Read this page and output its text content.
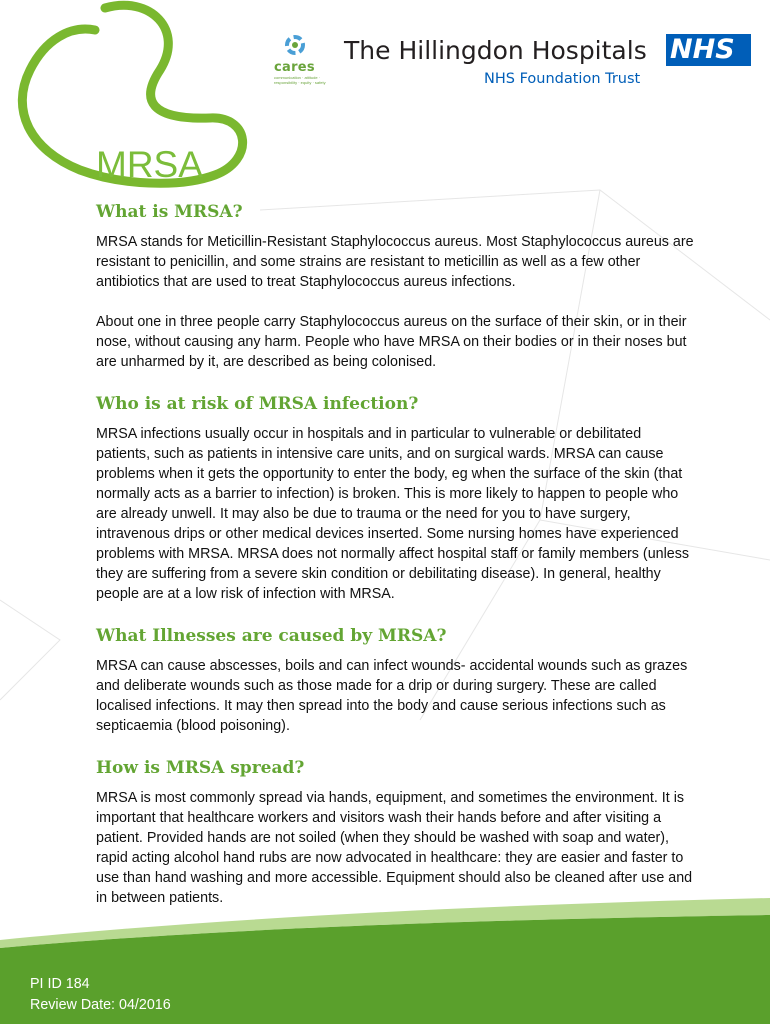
cares
communication · attitude · responsibility · equity · safety
The Hillingdon Hospitals
NHS Foundation Trust
NHS
MRSA
What is MRSA?

MRSA stands for Meticillin-Resistant Staphylococcus aureus. Most Staphylococcus aureus are resistant to penicillin, and some strains are resistant to meticillin as well as a few other antibiotics that are used to treat Staphylococcus aureus infections.

About one in three people carry Staphylococcus aureus on the surface of their skin, or in their nose, without causing any harm. People who have MRSA on their bodies or in their noses but are unharmed by it, are described as being colonised.

Who is at risk of MRSA infection?

MRSA infections usually occur in hospitals and in particular to vulnerable or debilitated patients, such as patients in intensive care units, and on surgical wards. MRSA can cause problems when it gets the opportunity to enter the body, eg when the surface of the skin (that normally acts as a barrier to infection) is broken. This is more likely to happen to people who are already unwell. It may also be due to trauma or the need for you to have surgery, intravenous drips or other medical devices inserted. Some nursing homes have experienced problems with MRSA. MRSA does not normally affect hospital staff or family members (unless they are suffering from a severe skin condition or debilitating disease). In general, healthy people are at a low risk of infection with MRSA.

What Illnesses are caused by MRSA?

MRSA can cause abscesses, boils and can infect wounds- accidental wounds such as grazes and deliberate wounds such as those made for a drip or during surgery. These are called localised infections. It may then spread into the body and cause serious infections such as septicaemia (blood poisoning).

How is MRSA spread?

MRSA is most commonly spread via hands, equipment, and sometimes the environment. It is important that healthcare workers and visitors wash their hands before and after visiting a patient. Provided hands are not soiled (when they should be washed with soap and water), rapid acting alcohol hand rubs are now advocated in healthcare: they are easier and faster to use than hand washing and more accessible. Equipment should also be cleaned after use and in between patients.

PI ID 184
Review Date: 04/2016
